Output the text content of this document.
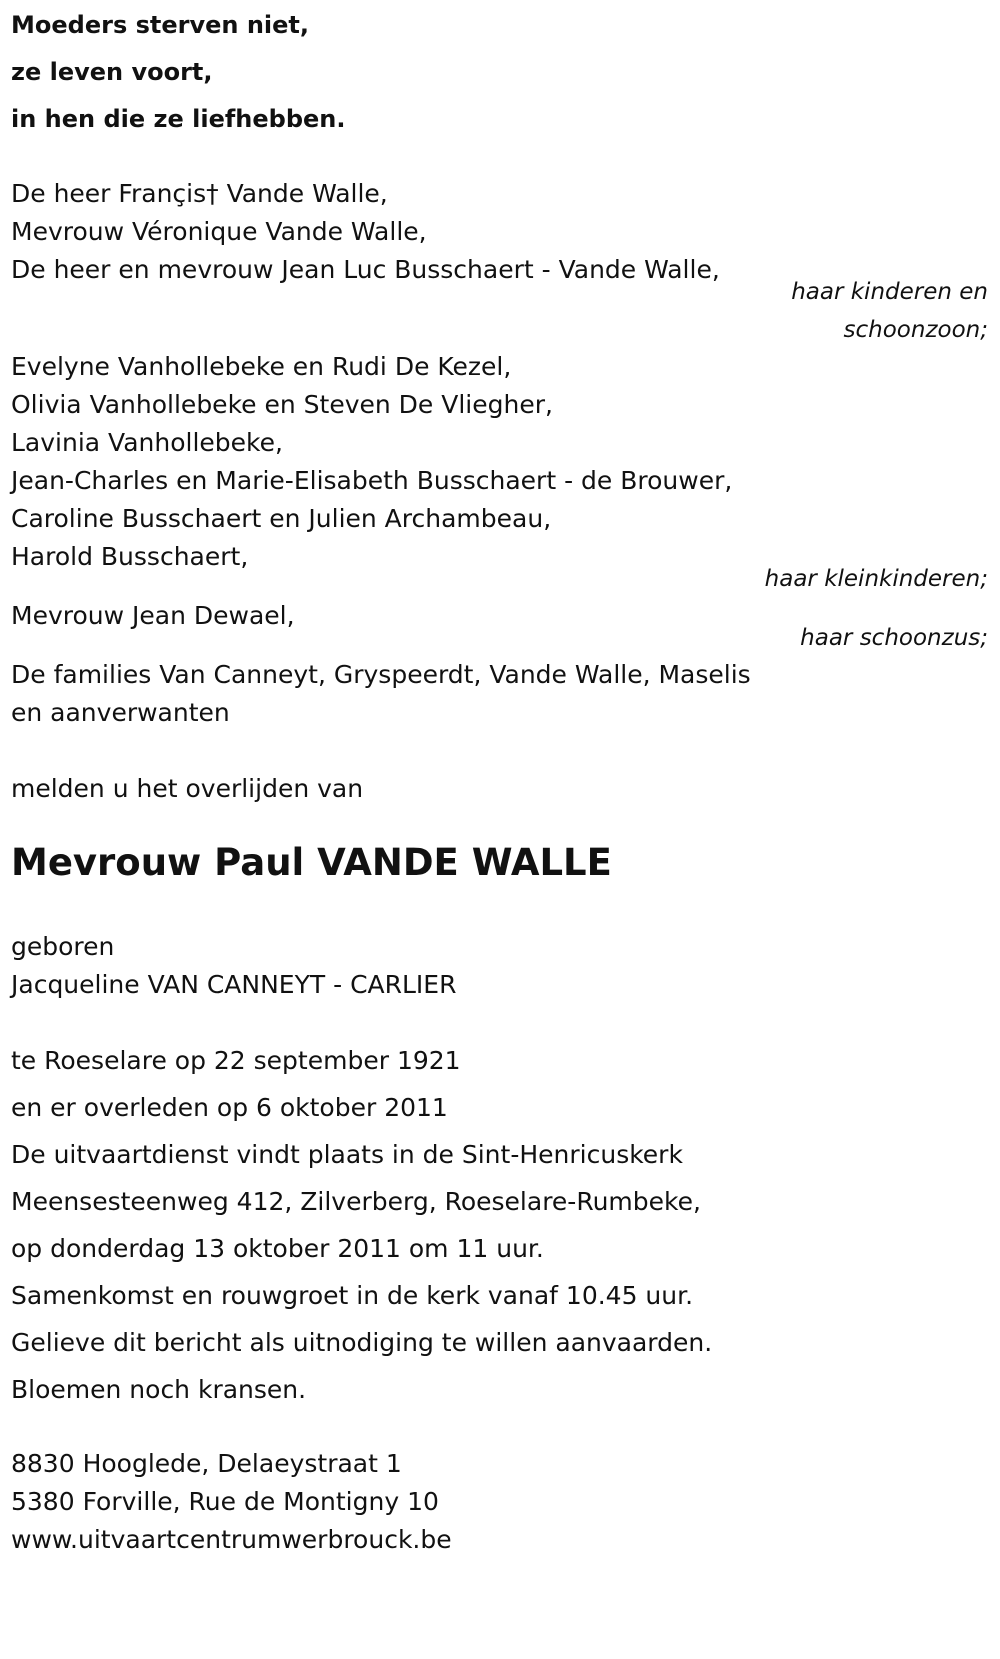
Moeders sterven niet,
ze leven voort,
in hen die ze liefhebben.
De heer Françis† Vande Walle,
Mevrouw Véronique Vande Walle,
De heer en mevrouw Jean Luc Busschaert - Vande Walle,
haar kinderen en
schoonzoon;
Evelyne Vanhollebeke en Rudi De Kezel,
Olivia Vanhollebeke en Steven De Vliegher,
Lavinia Vanhollebeke,
Jean-Charles en Marie-Elisabeth Busschaert - de Brouwer,
Caroline Busschaert en Julien Archambeau,
Harold Busschaert,
haar kleinkinderen;
Mevrouw Jean Dewael,
haar schoonzus;
De families Van Canneyt, Gryspeerdt, Vande Walle, Maselis
en aanverwanten
melden u het overlijden van
Mevrouw Paul VANDE WALLE
geboren
Jacqueline VAN CANNEYT - CARLIER
te Roeselare op 22 september 1921
en er overleden op 6 oktober 2011
De uitvaartdienst vindt plaats in de Sint-Henricuskerk
Meensesteenweg 412, Zilverberg, Roeselare-Rumbeke,
op donderdag 13 oktober 2011 om 11 uur.
Samenkomst en rouwgroet in de kerk vanaf 10.45 uur.
Gelieve dit bericht als uitnodiging te willen aanvaarden.
Bloemen noch kransen.
8830 Hooglede, Delaeystraat 1
5380 Forville, Rue de Montigny 10
www.uitvaartcentrumwerbrouck.be
